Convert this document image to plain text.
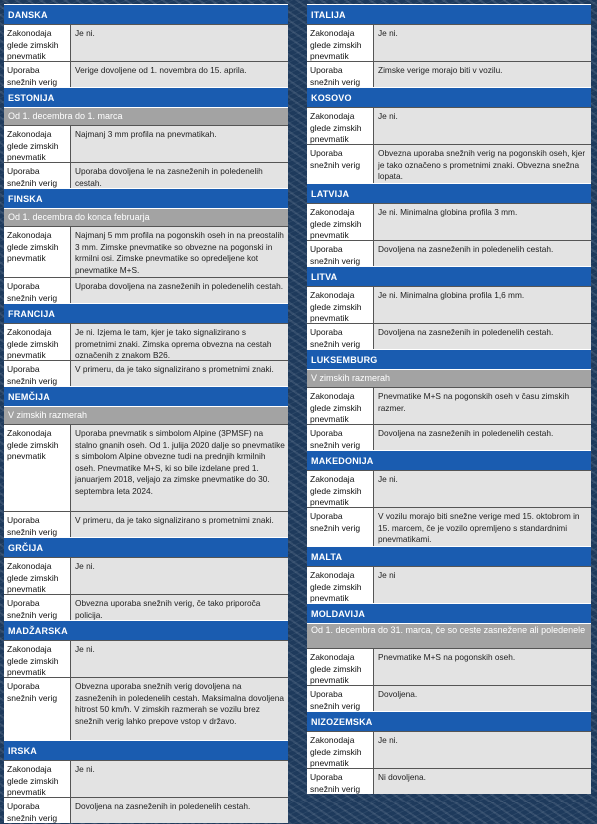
DANSKA
Zakonodaja glede zimskih pnevmatik
Je ni.
Uporaba snežnih verig
Verige dovoljene od 1. novembra do 15. aprila.
ESTONIJA
Od 1. decembra do 1. marca
Zakonodaja glede zimskih pnevmatik
Najmanj 3 mm profila na pnevmatikah.
Uporaba snežnih verig
Uporaba dovoljena le na zasneženih in poledenelih cestah.
FINSKA
Od 1. decembra do konca februarja
Zakonodaja glede zimskih pnevmatik
Najmanj 5 mm profila na pogonskih oseh in na preostalih 3 mm. Zimske pnevmatike so obvezne na pogonski in krmilni osi. Zimske pnevmatike so opredeljene kot pnevmatike M+S.
Uporaba snežnih verig
Uporaba dovoljena na zasneženih in poledenelih cestah.
FRANCIJA
Zakonodaja glede zimskih pnevmatik
Je ni. Izjema le tam, kjer je tako signalizirano s prometnimi znaki. Zimska oprema obvezna na cestah označenih z znakom B26.
Uporaba snežnih verig
V primeru, da je tako signalizirano s prometnimi znaki.
NEMČIJA
V zimskih razmerah
Zakonodaja glede zimskih pnevmatik
Uporaba pnevmatik s simbolom Alpine (3PMSF) na stalno gnanih oseh. Od 1. julija 2020 dalje so pnevmatike s simbolom Alpine obvezne tudi na prednjih krmilnih oseh. Pnevmatike M+S, ki so bile izdelane pred 1. januarjem 2018, veljajo za zimske pnevmatike do 30. septembra leta 2024.
Uporaba snežnih verig
V primeru, da je tako signalizirano s prometnimi znaki.
GRČIJA
Zakonodaja glede zimskih pnevmatik
Je ni.
Uporaba snežnih verig
Obvezna uporaba snežnih verig, če tako priporoča policija.
MADŽARSKA
Zakonodaja glede zimskih pnevmatik
Je ni.
Uporaba snežnih verig
Obvezna uporaba snežnih verig dovoljena na zasneženih in poledenelih cestah. Maksimalna dovoljena hitrost 50 km/h. V zimskih razmerah se vozilu brez snežnih verig lahko prepove vstop v državo.
IRSKA
Zakonodaja glede zimskih pnevmatik
Je ni.
Uporaba snežnih verig
Dovoljena na zasneženih in poledenelih cestah.
ITALIJA
Zakonodaja glede zimskih pnevmatik
Je ni.
Uporaba snežnih verig
Zimske verige morajo biti v vozilu.
KOSOVO
Zakonodaja glede zimskih pnevmatik
Je ni.
Uporaba snežnih verig
Obvezna uporaba snežnih verig na pogonskih oseh, kjer je tako označeno s prometnimi znaki. Obvezna snežna lopata.
LATVIJA
Zakonodaja glede zimskih pnevmatik
Je ni. Minimalna globina profila 3 mm.
Uporaba snežnih verig
Dovoljena na zasneženih in poledenelih cestah.
LITVA
Zakonodaja glede zimskih pnevmatik
Je ni. Minimalna globina profila 1,6 mm.
Uporaba snežnih verig
Dovoljena na zasneženih in poledenelih cestah.
LUKSEMBURG
V zimskih razmerah
Zakonodaja glede zimskih pnevmatik
Pnevmatike M+S na pogonskih oseh v času zimskih razmer.
Uporaba snežnih verig
Dovoljena na zasneženih in poledenelih cestah.
MAKEDONIJA
Zakonodaja glede zimskih pnevmatik
Je ni.
Uporaba snežnih verig
V vozilu morajo biti snežne verige med 15. oktobrom in 15. marcem, če je vozilo opremljeno s standardnimi pnevmatikami.
MALTA
Zakonodaja glede zimskih pnevmatik
Je ni
MOLDAVIJA
Od 1. decembra do 31. marca, če so ceste zasnežene ali poledenele
Zakonodaja glede zimskih pnevmatik
Pnevmatike M+S na pogonskih oseh.
Uporaba snežnih verig
Dovoljena.
NIZOZEMSKA
Zakonodaja glede zimskih pnevmatik
Je ni.
Uporaba snežnih verig
Ni dovoljena.
